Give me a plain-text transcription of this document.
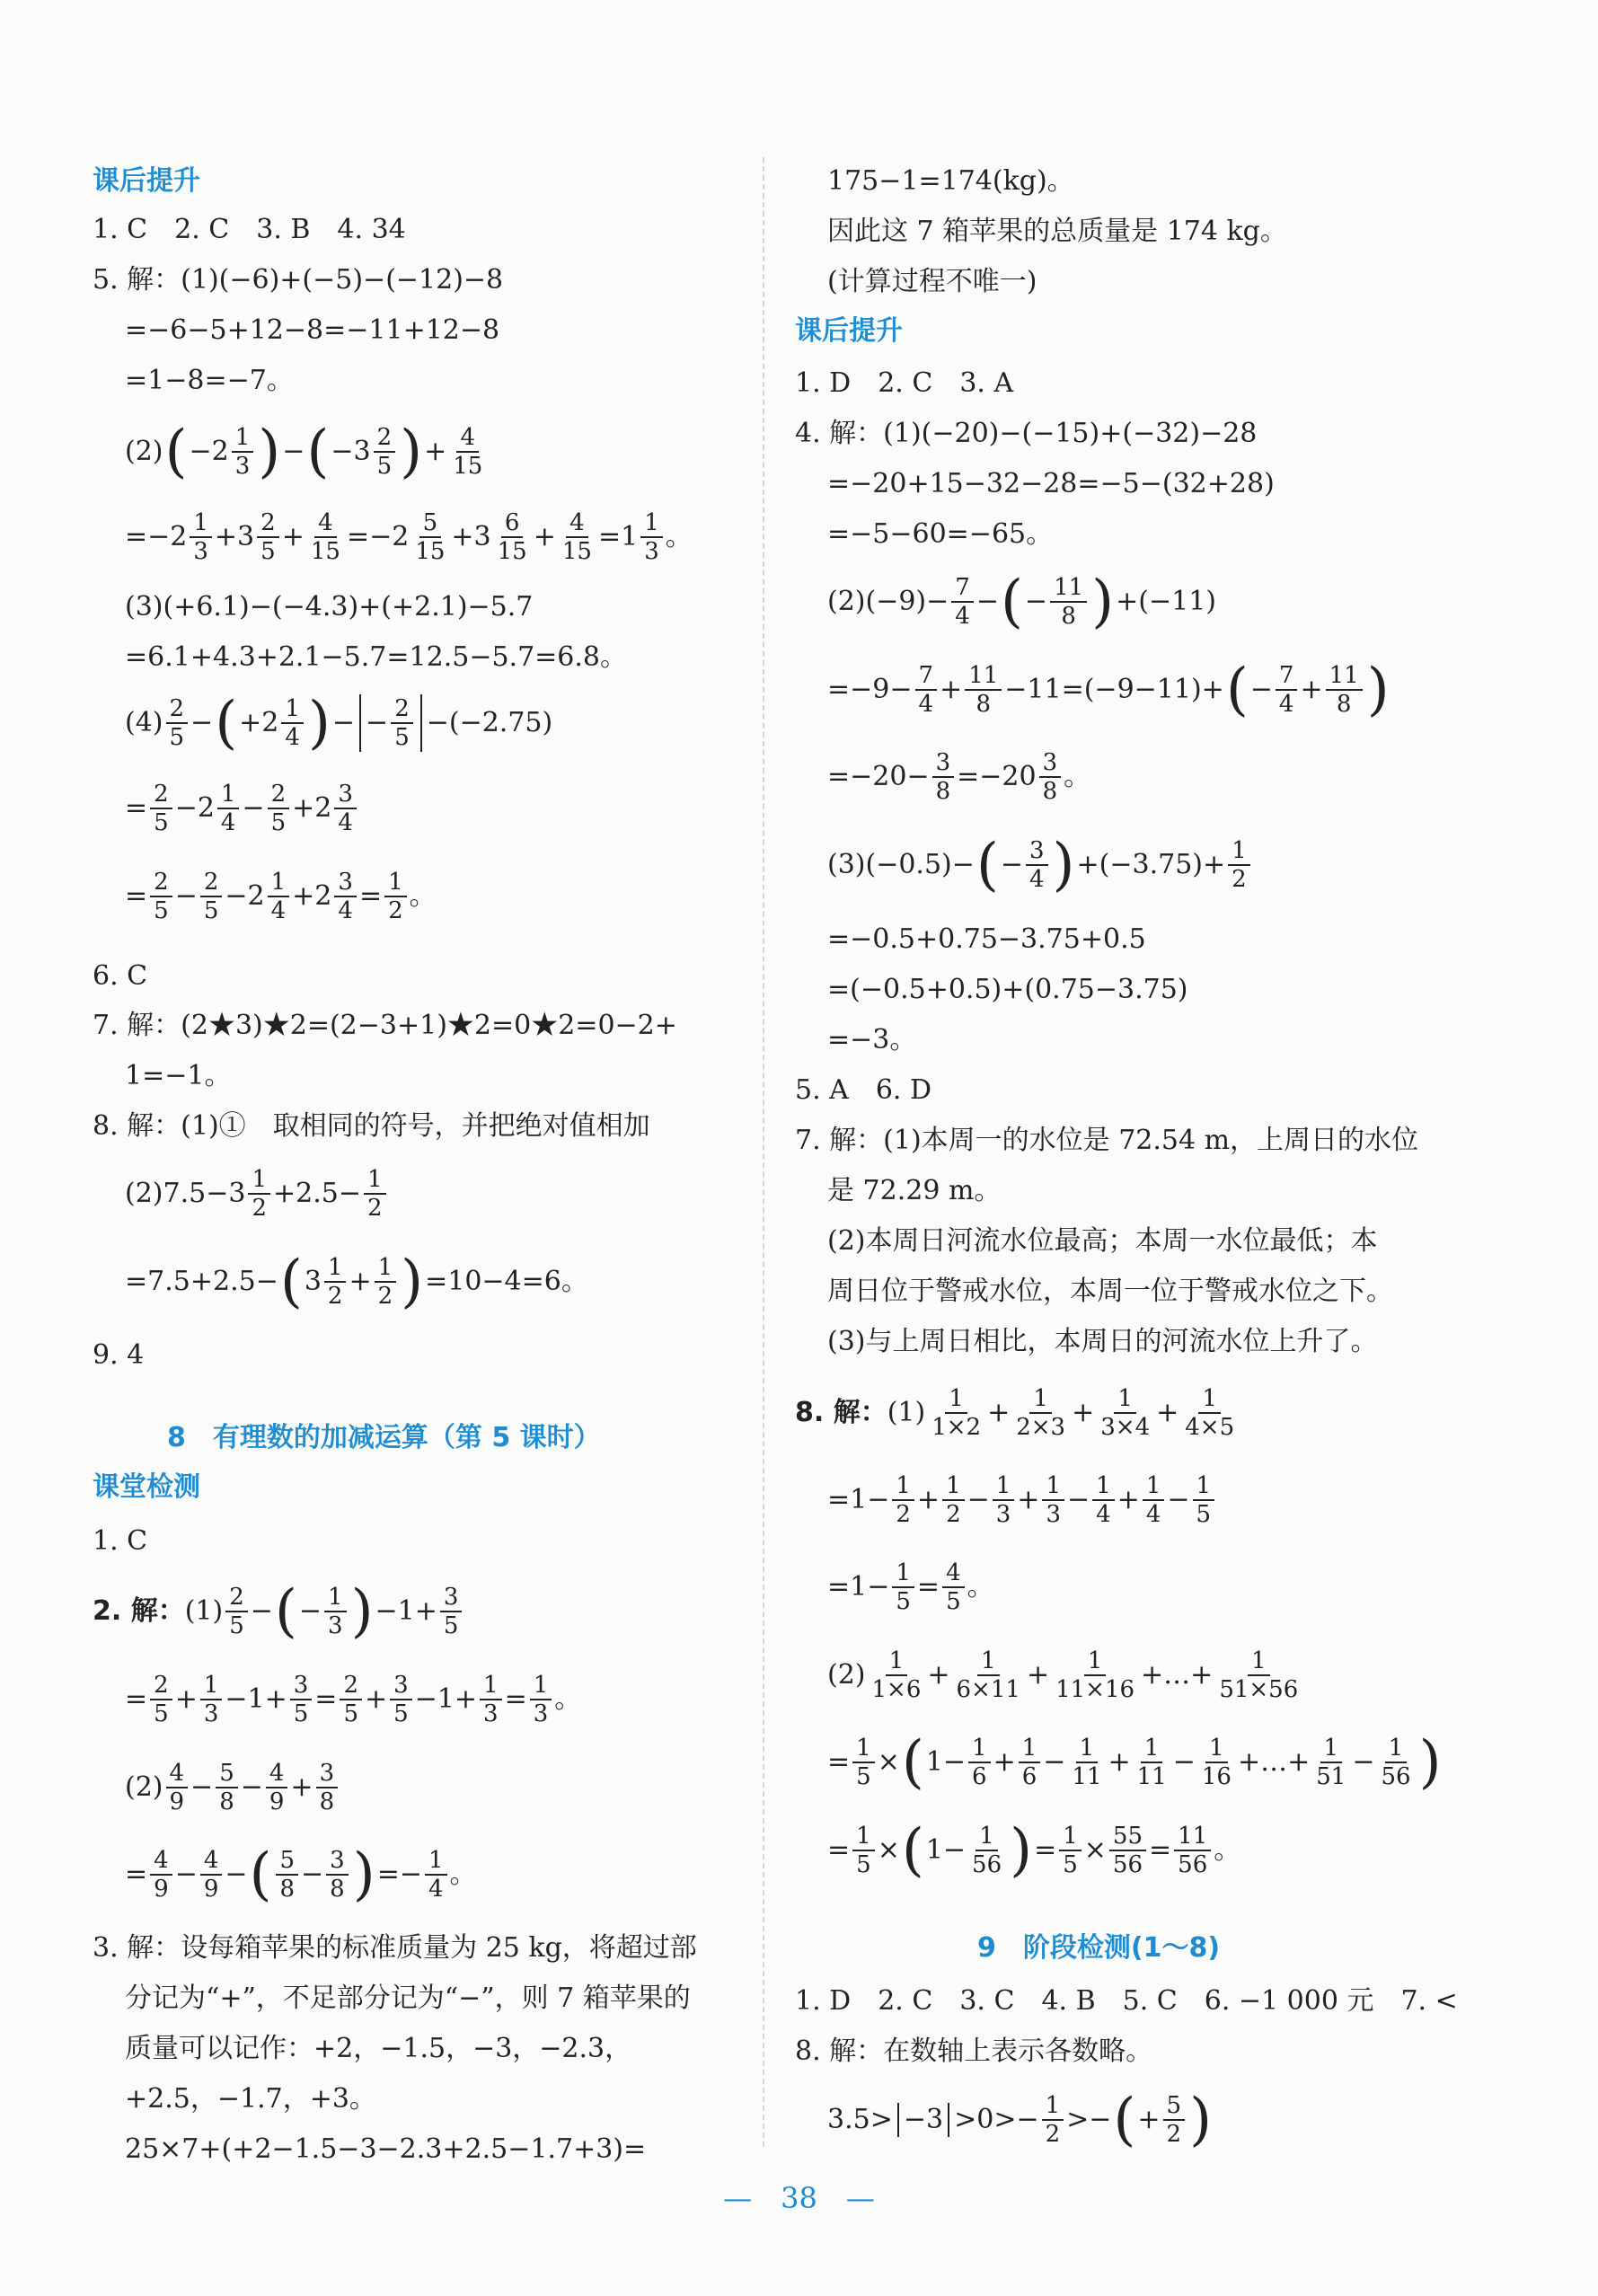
课后提升
1. C　2. C　3. B　4. 34
5. 解：(1)(−6)+(−5)−(−12)−8
=−6−5+12−8=−11+12−8
=1−8=−7。
(2) ( −2 1
3 ) − ( −3 2
5 ) + 4
15
=−2 1
3 +3 2
5 + 4
15 =−2 5
15 +3 6
15 + 4
15 =1 1
3 。
(3)(+6.1)−(−4.3)+(+2.1)−5.7
=6.1+4.3+2.1−5.7=12.5−5.7=6.8。
(4) 2
5 − ( +2 1
4 ) − − 2
5 −(−2.75)
= 2
5 −2 1
4 − 2
5 +2 3
4
= 2
5 − 2
5 −2 1
4 +2 3
4 = 1
2 。
6. C
7. 解：(2★3)★2=(2−3+1)★2=0★2=0−2+
1=−1。
8. 解：(1)①　取相同的符号，并把绝对值相加
(2)7.5−3 1
2 +2.5− 1
2
=7.5+2.5− ( 3 1
2 + 1
2 ) =10−4=6。
9. 4
8　有理数的加减运算（第 5 课时）
课堂检测
1. C
2. 解： (1) 2
5 − ( − 1
3 ) −1+ 3
5
= 2
5 + 1
3 −1+ 3
5 = 2
5 + 3
5 −1+ 1
3 = 1
3 。
(2) 4
9 − 5
8 − 4
9 + 3
8
= 4
9 − 4
9 − ( 5
8 − 3
8 ) =− 1
4 。
3. 解：设每箱苹果的标准质量为 25 kg，将超过部
分记为“+”，不足部分记为“−”，则 7 箱苹果的
质量可以记作：+2，−1.5，−3，−2.3，
+2.5，−1.7，+3。
25×7+(+2−1.5−3−2.3+2.5−1.7+3)=
175−1=174(kg)。
因此这 7 箱苹果的总质量是 174 kg。
(计算过程不唯一)
课后提升
1. D　2. C　3. A
4. 解：(1)(−20)−(−15)+(−32)−28
=−20+15−32−28=−5−(32+28)
=−5−60=−65。
(2)(−9)− 7
4 − ( − 11
8 ) +(−11)
=−9− 7
4 + 11
8 −11=(−9−11)+ ( − 7
4 + 11
8 )
=−20− 3
8 =−20 3
8 。
(3)(−0.5)− ( − 3
4 ) +(−3.75)+ 1
2
=−0.5+0.75−3.75+0.5
=(−0.5+0.5)+(0.75−3.75)
=−3。
5. A　6. D
7. 解：(1)本周一的水位是 72.54 m，上周日的水位
是 72.29 m。
(2)本周日河流水位最高；本周一水位最低；本
周日位于警戒水位，本周一位于警戒水位之下。
(3)与上周日相比，本周日的河流水位上升了。
8. 解： (1) 1
1×2 + 1
2×3 + 1
3×4 + 1
4×5
=1− 1
2 + 1
2 − 1
3 + 1
3 − 1
4 + 1
4 − 1
5
=1− 1
5 = 4
5 。
(2) 1
1×6 + 1
6×11 + 1
11×16 +…+ 1
51×56
= 1
5 × ( 1− 1
6 + 1
6 − 1
11 + 1
11 − 1
16 +…+ 1
51 − 1
56 )
= 1
5 × ( 1− 1
56 ) = 1
5 × 55
56 = 11
56 。
9　阶段检测(1～8)
1. D　2. C　3. C　4. B　5. C　6. −1 000 元　7. <
8. 解：在数轴上表示各数略。
3.5> −3 >0>− 1
2 >− ( + 5
2 )
—　38　—
